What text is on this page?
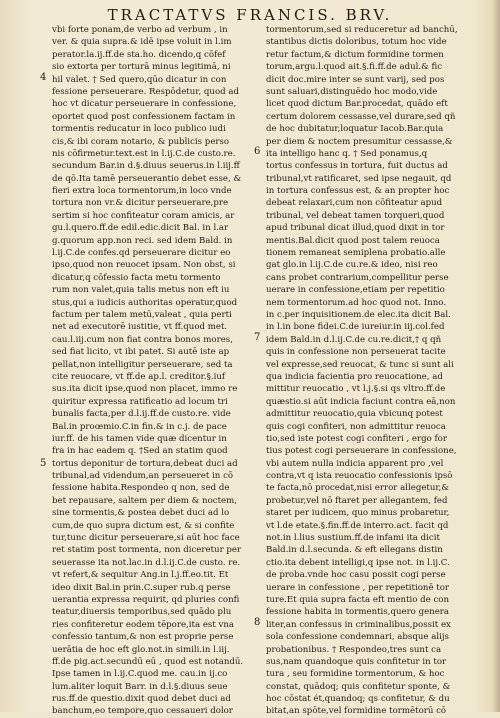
TRACTATVS FRANCIS. BRV.
vbi forte ponam,de verbo ad verbum , in
ver. & quia supra.& idē ipse voluit in l.im
perator.la.ij.ff.de sta.ho. dicendo,q cōfef
sio extorta per torturā minus legitimā, ni
hil valet. † Sed quero,qūo dicatur in con
fessione perseuerare. Respōdetur, quod ad
hoc vt dicatur perseuerare in confessione,
oportet quod post confessionem factam in
tormentis reducatur in loco publico iudi
cis,& ibi coram notario, & publicis perso
nis cōfirmetur.text.est in l.ij.C.de custo.re.
secundum Bar.in d.§.diuus seuerus.in l.iij.ff
de qō.Ita tamē perseuerantio debet esse, &
fieri extra loca tormentorum,in loco vnde
tortura non vr.& dicitur perseuerare,pre
sertim si hoc confiteatur coram amicis, ar
gu.l.quero.ff.de edil.edic.dicit Bal. in l.ar
g.quorum app.non reci. sed idem Bald. in
l.ij.C.de confes.qd perseuerare dicitur eo
ipso,quod non reuocet ipsam. Non obst, si
dicatur,q cōfessio facta metu tormento
rum non valet,quia talis metus non eft iu
stus,qui a iudicis authoritas operatur,quod
factum per talem metū,valeat , quia perti
net ad executorē iustitie, vt ff.quod met.
cau.l.iij.cum non fiat contra bonos mores,
sed fiat licito, vt ibi patet. Si autē iste ap
pellat,non intelligitur perseuerare, sed ta
cite reuocare, vt ff.de ap.l. creditor.§.iuf
sus.ita dicit ipse,quod non placet, immo re
quiritur expressa ratificatio ad locum tri
bunalis facta,per d.l.ij.ff.de custo.re. vide
Bal.in proœmio.C.in fin.& in c.j. de pace
iur.ff. de his tamen vide quæ dicentur in
fra in hac eadem q. †Sed an statim quod
tortus deponitur de tortura,debeat duci ad
tribunal,ad videndum,an perseueret in cō
fessione habita.Respondeo q non, sed de
bet repausare, saltem per diem & noctem,
sine tormentis,& postea debet duci ad lo
cum,de quo supra dictum est, & si confite
tur,tunc dicitur perseuerare,si aūt hoc face
ret statim post tormenta, non diceretur per
seuerasse ita not.lac.in d.l.ij.C.de custo. re.
vt refert,& sequitur Ang.in l.j.ff.eo.tit. Et
ideo dixit Bal.in prin.C.super rub.q perse
uerantia expressa requirit, qd pluries confi
teatur,diuersis temporibus,sed quādo plu
ries confiteretur eodem tēpore,ita est vna
confessio tantum,& non est proprie perse
uerātia de hoc eft glo.not.in simili.in l.iij.
ff.de pig.act.secundū eū , quod est notandū.
Ipse tamen in l.ij.C.quod me. cau.in ij.co
lum.aliter loquit Barr. in d.l.§.diuus seue
rus.ff.de questio.dixit quod debet duci ad
banchum,eo tempore,quo cessaueri dolor
tormentorum,sed si reduceretur ad banchū,
stantibus dictis doloribus, totum hoc vide
retur factum,& dictum formidine tormen
torum,argu.l.quod ait.§.fi.ff.de adul.& fic
dicit doc.mire inter se sunt varij, sed pos
sunt saluari,distinguēdo hoc modo,vide
licet quod dictum Bar.procedat, quādo eft
certum dolorem cessasse,vel durare,sed qñ
de hoc dubitatur,loquatur Iacob.Bar.quia
per diem & noctem presumitur cessasse,&
ita intelligo hanc q. † Sed ponamus,q
tortus confessus in tortura, fuit ductus ad
tribunal,vt ratificaret, sed ipse negauit, qd
in tortura confessus est, & an propter hoc
debeat relaxari,cum non cōfiteatur apud
tribunal, vel debeat tamen torqueri,quod
apud tribunal dicat illud,quod dixit in tor
mentis.Bal.dicit quod post talem reuoca
tionem remaneat semiplena probatio.alle
gat glo.in l.ij.C.de cu.re.& ideo, nisi reo
cans probet contrarium,compellitur perse
uerare in confessione,etiam per repetitio
nem tormentorum.ad hoc quod not. Inno.
in c.per inquisitionem.de elec.ita dicit Bal.
in l.in bone fidei.C.de iureiur.in iij.col.fed
idem Bald.in d.l.ij.C.de cu.re.dicit,† q qñ
quis in confessione non perseuerat tacite
vel expresse,sed reuocat, & tunc si sunt ali
qua indicia facientia pro reuocatione, ad
mittitur reuocatio , vt l.j.§.si qs vltro.ff.de
quæstio.si aūt indicia faciunt contra eā,non
admittitur reuocatio,quia vbicunq potest
quis cogi confiteri, non admittitur reuoca
tio,sed iste potest cogi confiteri , ergo for
tius potest cogi perseuerare in confessione,
vbi autem nulla indicia apparent pro ,vel
contra,vt q ista reuocatio confessionis ipsō
te facta,nō procedat,nisi error allegetur,&
probetur,vel nō ftaret per allegantem, fed
staret per iudicem, quo minus probaretur,
vt l.de etate.§.fin.ff.de interro.act. facit qd
not.in l.lius sustium.ff.de infami ita dicit
Bald.in d.l.secunda. & eft ellegans distin
ctio.ita debent intelligi,q ipse not. in l.ij.C.
de proba.vnde hoc casu possit cogi perse
uerare in confessione , per repetitionē tor
ture.Et quia supra facta eft mentio de con
fessione habita in tormentis,quero genera
liter,an confessus in criminalibus,possit ex
sola confessione condemnari, absque alijs
probationibus. † Respondeo,tres sunt ca
sus,nam quandoque quis confitetur in tor
tura , seu formidine tormentorum, & hoc
constat, quādoq; quis confitetur sponte, &
hoc cōstat ét,quandoq; qs confitetur, & du
bitat,an spōte,vel formidine tormētorū cō
4
5
6
7
8
